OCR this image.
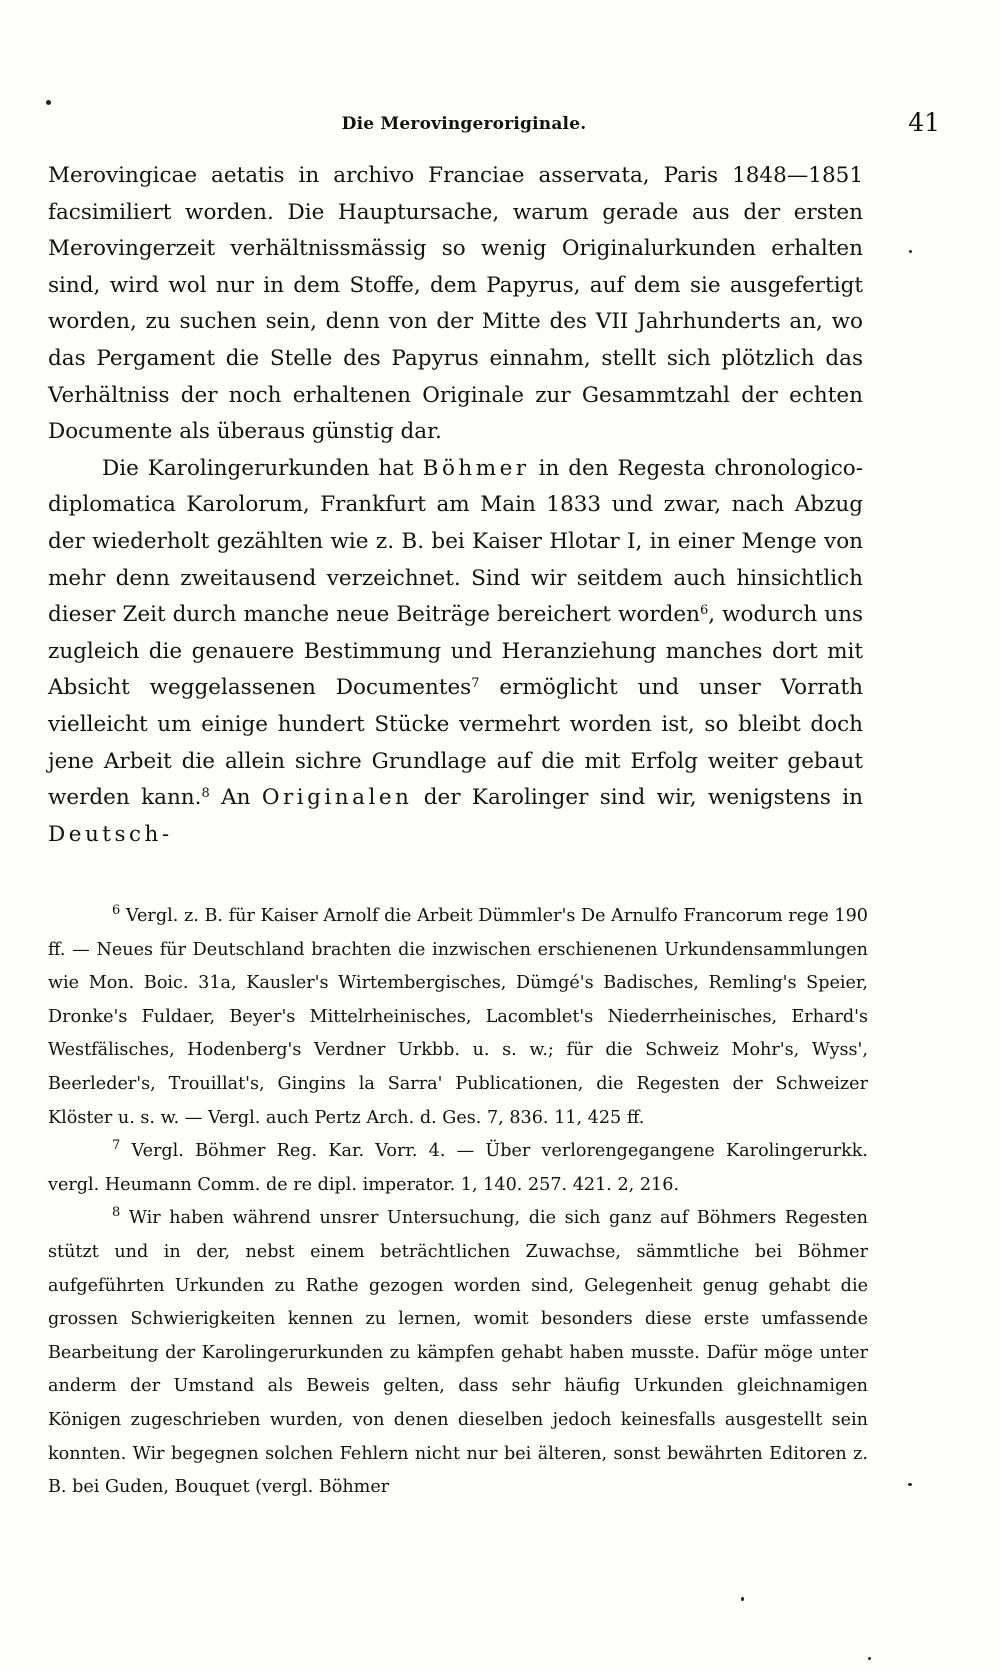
Die Merovingeroriginale.	41

Merovingicae aetatis in archivo Franciae asservata, Paris 1848—1851 facsimiliert worden. Die Hauptursache, warum gerade aus der ersten Merovingerzeit verhältnissmässig so wenig Originalurkunden erhalten sind, wird wol nur in dem Stoffe, dem Papyrus, auf dem sie ausgefertigt worden, zu suchen sein, denn von der Mitte des VII Jahrhunderts an, wo das Pergament die Stelle des Papyrus einnahm, stellt sich plötzlich das Verhältniss der noch erhaltenen Originale zur Gesammtzahl der echten Documente als überaus günstig dar.

Die Karolingerurkunden hat Böhmer in den Regesta chronologico-diplomatica Karolorum, Frankfurt am Main 1833 und zwar, nach Abzug der wiederholt gezählten wie z. B. bei Kaiser Hlotar I, in einer Menge von mehr denn zweitausend verzeichnet. Sind wir seitdem auch hinsichtlich dieser Zeit durch manche neue Beiträge bereichert worden$^6$, wodurch uns zugleich die genauere Bestimmung und Heranziehung manches dort mit Absicht weggelassenen Documentes$^7$ ermöglicht und unser Vorrath vielleicht um einige hundert Stücke vermehrt worden ist, so bleibt doch jene Arbeit die allein sichre Grundlage auf die mit Erfolg weiter gebaut werden kann.$^8$ An Originalen der Karolinger sind wir, wenigstens in Deutsch-

$^6$ Vergl. z. B. für Kaiser Arnolf die Arbeit Dümmler's De Arnulfo Francorum rege 190 ff. — Neues für Deutschland brachten die inzwischen erschienenen Urkundensammlungen wie Mon. Boic. 31a, Kausler's Wirtembergisches, Dümgé's Badisches, Remling's Speier, Dronke's Fuldaer, Beyer's Mittelrheinisches, Lacomblet's Niederrheinisches, Erhard's Westfälisches, Hodenberg's Verdner Urkbb. u. s. w.; für die Schweiz Mohr's, Wyss', Beerleder's, Trouillat's, Gingins la Sarra' Publicationen, die Regesten der Schweizer Klöster u. s. w. — Vergl. auch Pertz Arch. d. Ges. 7, 836. 11, 425 ff.

$^7$ Vergl. Böhmer Reg. Kar. Vorr. 4. — Über verlorengegangene Karolingerurkk. vergl. Heumann Comm. de re dipl. imperator. 1, 140. 257. 421. 2, 216.

$^8$ Wir haben während unsrer Untersuchung, die sich ganz auf Böhmers Regesten stützt und in der, nebst einem beträchtlichen Zuwachse, sämmtliche bei Böhmer aufgeführten Urkunden zu Rathe gezogen worden sind, Gelegenheit genug gehabt die grossen Schwierigkeiten kennen zu lernen, womit besonders diese erste umfassende Bearbeitung der Karolingerurkunden zu kämpfen gehabt haben musste. Dafür möge unter anderm der Umstand als Beweis gelten, dass sehr häufig Urkunden gleichnamigen Königen zugeschrieben wurden, von denen dieselben jedoch keinesfalls ausgestellt sein konnten. Wir begegnen solchen Fehlern nicht nur bei älteren, sonst bewährten Editoren z. B. bei Guden, Bouquet (vergl. Böhmer
